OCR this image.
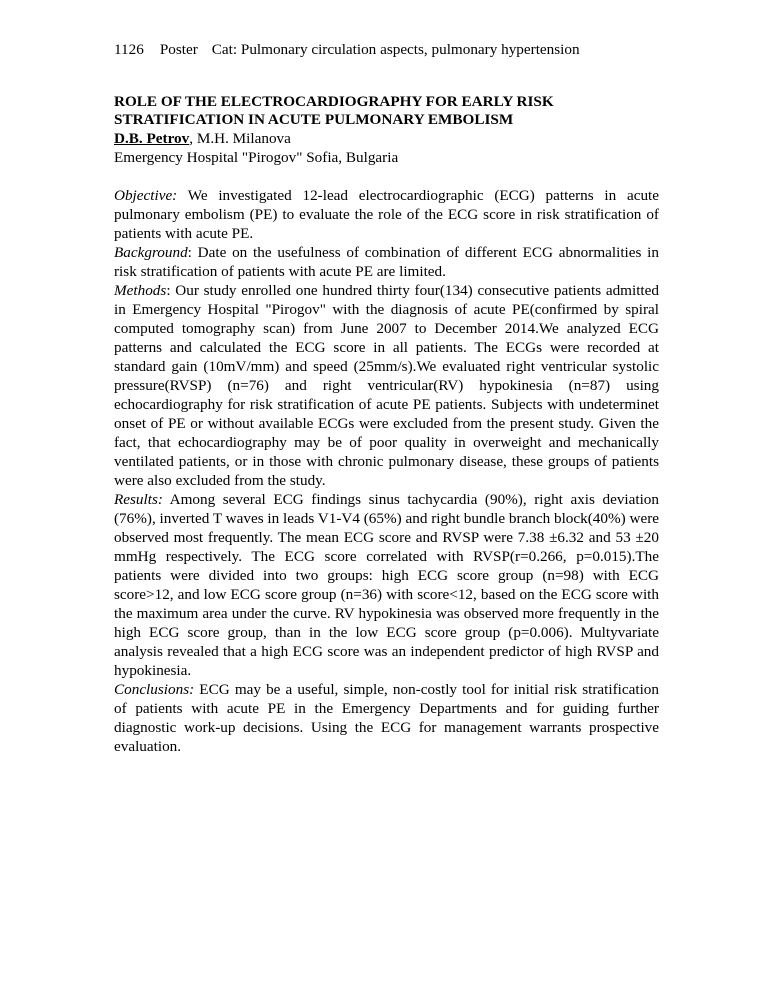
1126 Poster Cat: Pulmonary circulation aspects, pulmonary hypertension
ROLE OF THE ELECTROCARDIOGRAPHY FOR EARLY RISK
STRATIFICATION IN ACUTE PULMONARY EMBOLISM
D.B. Petrov, M.H. Milanova
Emergency Hospital "Pirogov" Sofia, Bulgaria
Objective: We investigated 12-lead electrocardiographic (ECG) patterns in acute pulmonary embolism (PE) to evaluate the role of the ECG score in risk stratification of patients with acute PE.
Background: Date on the usefulness of combination of different ECG abnormalities in risk stratification of patients with acute PE are limited.
Methods: Our study enrolled one hundred thirty four(134) consecutive patients admitted in Emergency Hospital "Pirogov" with the diagnosis of acute PE(confirmed by spiral computed tomography scan) from June 2007 to December 2014.We analyzed ECG patterns and calculated the ECG score in all patients. The ECGs were recorded at standard gain (10mV/mm) and speed (25mm/s).We evaluated right ventricular systolic pressure(RVSP) (n=76) and right ventricular(RV) hypokinesia (n=87) using echocardiography for risk stratification of acute PE patients. Subjects with undeterminet onset of PE or without available ECGs were excluded from the present study. Given the fact, that echocardiography may be of poor quality in overweight and mechanically ventilated patients, or in those with chronic pulmonary disease, these groups of patients were also excluded from the study.
Results: Among several ECG findings sinus tachycardia (90%), right axis deviation (76%), inverted T waves in leads V1-V4 (65%) and right bundle branch block(40%) were observed most frequently. The mean ECG score and RVSP were 7.38 ±6.32 and 53 ±20 mmHg respectively. The ECG score correlated with RVSP(r=0.266, p=0.015).The patients were divided into two groups: high ECG score group (n=98) with ECG score>12, and low ECG score group (n=36) with score<12, based on the ECG score with the maximum area under the curve. RV hypokinesia was observed more frequently in the high ECG score group, than in the low ECG score group (p=0.006). Multyvariate analysis revealed that a high ECG score was an independent predictor of high RVSP and hypokinesia.
Conclusions: ECG may be a useful, simple, non-costly tool for initial risk stratification of patients with acute PE in the Emergency Departments and for guiding further diagnostic work-up decisions. Using the ECG for management warrants prospective evaluation.
